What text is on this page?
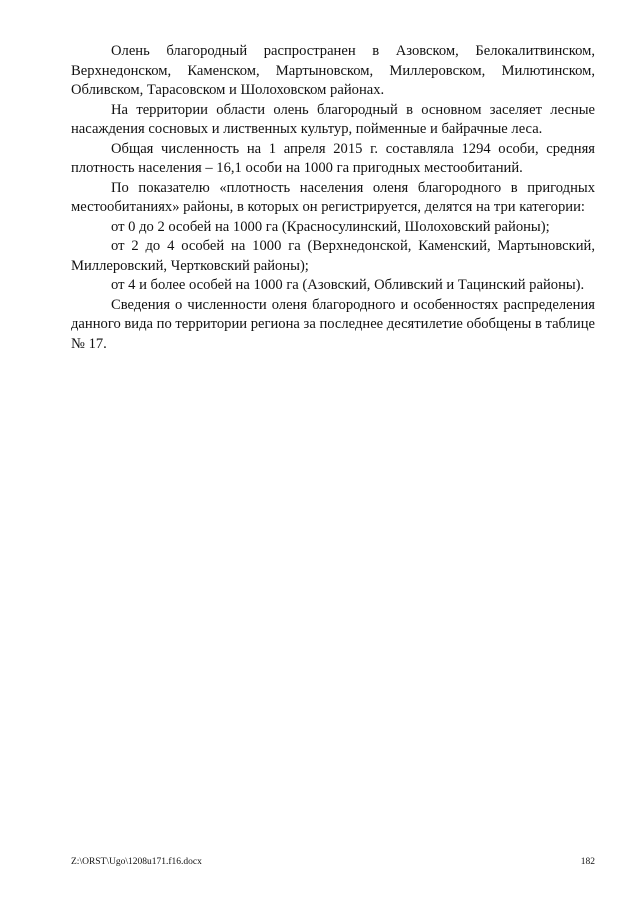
Олень благородный распространен в Азовском, Белокалитвинском, Верхнедонском, Каменском, Мартыновском, Миллеровском, Милютинском, Обливском, Тарасовском и Шолоховском районах.

На территории области олень благородный в основном заселяет лесные насаждения сосновых и лиственных культур, пойменные и байрачные леса.

Общая численность на 1 апреля 2015 г. составляла 1294 особи, средняя плотность населения – 16,1 особи на 1000 га пригодных местообитаний.

По показателю «плотность населения оленя благородного в пригодных местообитаниях» районы, в которых он регистрируется, делятся на три категории:

от 0 до 2 особей на 1000 га (Красносулинский, Шолоховский районы);

от 2 до 4 особей на 1000 га (Верхнедонской, Каменский, Мартыновский, Миллеровский, Чертковский районы);

от 4 и более особей на 1000 га (Азовский, Обливский и Тацинский районы).

Сведения о численности оленя благородного и особенностях распределения данного вида по территории региона за последнее десятилетие обобщены в таблице № 17.

Z:\ORST\Ugo\1208u171.f16.docx	182
